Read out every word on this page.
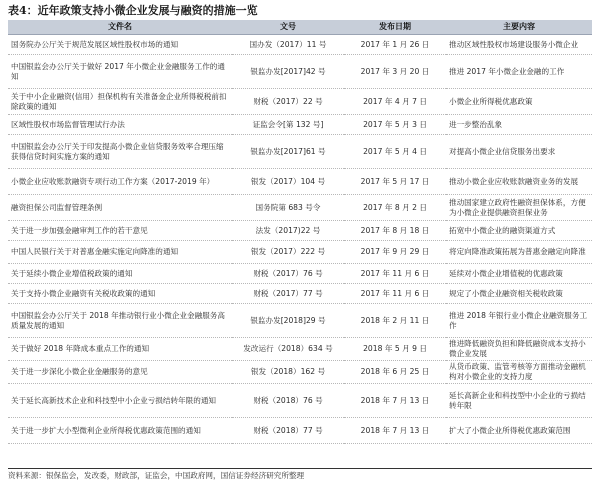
表4：近年政策支持小微企业发展与融资的措施一览
文件名	文号	发布日期	主要内容
国务院办公厅关于规范发展区域性股权市场的通知	国办发（2017）11 号	2017 年 1 月 26 日	推动区域性股权市场建设服务小微企业
中国银监会办公厅关于做好 2017 年小微企业金融服务工作的通知	银监办发[2017]42 号	2017 年 3 月 20 日	推进 2017 年小微企业金融的工作
关于中小企业融资(信用）担保机构有关准备金企业所得税税前扣除政策的通知	财税（2017）22 号	2017 年 4 月 7 日	小微企业所得税优惠政策
区域性股权市场监督管理试行办法	证监会令[第 132 号]	2017 年 5 月 3 日	进一步整治乱象
中国银监会办公厅关于印发提高小微企业信贷服务效率合理压缩获得信贷时间实施方案的通知	银监办发[2017]61 号	2017 年 5 月 4 日	对提高小微企业信贷服务出要求
小微企业应收账款融资专项行动工作方案（2017-2019 年）	银发（2017）104 号	2017 年 5 月 17 日	推动小微企业应收账款融资业务的发展
融资担保公司监督管理条例	国务院第 683 号令	2017 年 8 月 2 日	推动国家建立政府性融资担保体系，方便为小微企业提供融资担保业务
关于进一步加强金融审判工作的若干意见	法发（2017)22 号	2017 年 8 月 18 日	拓宽中小微企业的融资渠道方式
中国人民银行关于对普惠金融实施定向降准的通知	银发（2017）222 号	2017 年 9 月 29 日	将定向降准政策拓展为普惠金融定向降准
关于延续小微企业增值税政策的通知	财税（2017）76 号	2017 年 11 月 6 日	延续对小微企业增值税的优惠政策
关于支持小微企业融资有关税收政策的通知	财税（2017）77 号	2017 年 11 月 6 日	规定了小微企业融资相关税收政策
中国银监会办公厅关于 2018 年推动银行业小微企业金融服务高质量发展的通知	银监办发[2018]29 号	2018 年 2 月 11 日	推进 2018 年银行业小微企业融资服务工作
关于做好 2018 年降成本重点工作的通知	发改运行（2018）634 号	2018 年 5 月 9 日	推进降低融资负担和降低融资成本支持小微企业发展
关于进一步深化小微企业金融服务的意见	银发（2018）162 号	2018 年 6 月 25 日	从货币政策、监管考核等方面推动金融机构对小微企业的支持力度
关于延长高新技术企业和科技型中小企业亏损结转年限的通知	财税（2018）76 号	2018 年 7 月 13 日	延长高新企业和科技型中小企业的亏损结转年限
关于进一步扩大小型微利企业所得税优惠政策范围的通知	财税（2018）77 号	2018 年 7 月 13 日	扩大了小微企业所得税优惠政策范围
资料来源：银保监会，发改委，财政部，证监会，中国政府网，国信证券经济研究所整理
